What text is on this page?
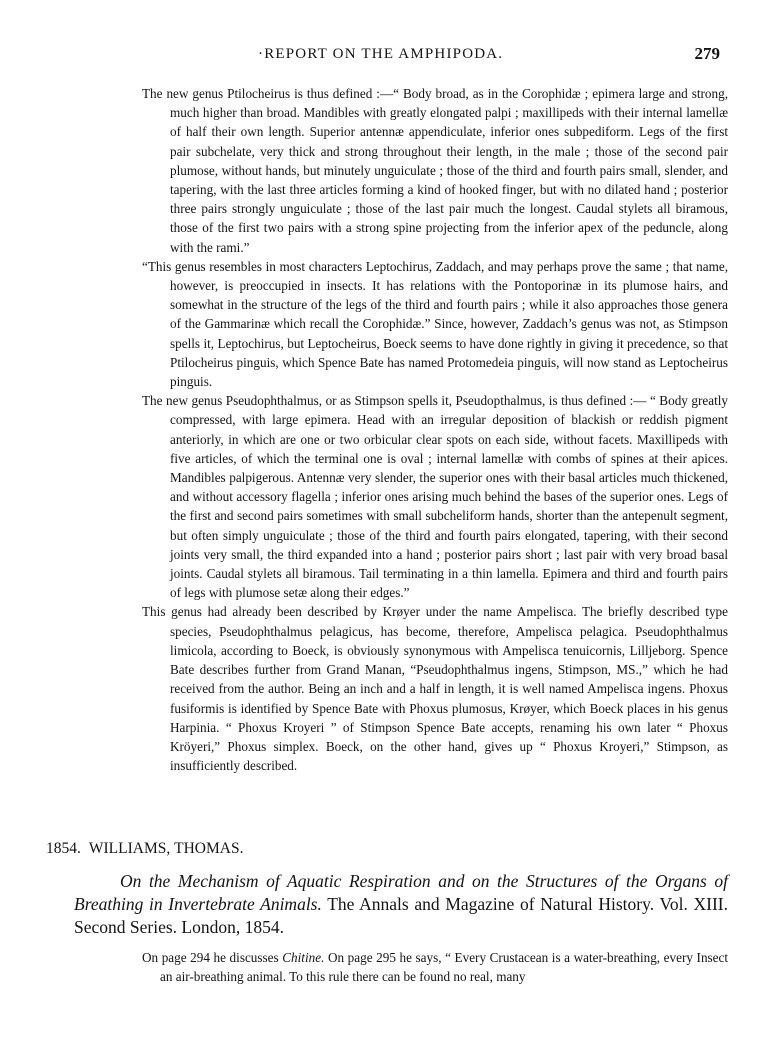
·REPORT ON THE AMPHIPODA.	279

The new genus Ptilocheirus is thus defined :—“ Body broad, as in the Corophidæ ; epimera large and strong, much higher than broad. Mandibles with greatly elongated palpi ; maxillipeds with their internal lamellæ of half their own length. Superior antennæ appendiculate, inferior ones subpediform. Legs of the first pair subchelate, very thick and strong throughout their length, in the male ; those of the second pair plumose, without hands, but minutely unguiculate ; those of the third and fourth pairs small, slender, and tapering, with the last three articles forming a kind of hooked finger, but with no dilated hand ; posterior three pairs strongly unguiculate ; those of the last pair much the longest. Caudal stylets all biramous, those of the first two pairs with a strong spine projecting from the inferior apex of the peduncle, along with the rami.”

“This genus resembles in most characters Leptochirus, Zaddach, and may perhaps prove the same ; that name, however, is preoccupied in insects. It has relations with the Pontoporinæ in its plumose hairs, and somewhat in the structure of the legs of the third and fourth pairs ; while it also approaches those genera of the Gammarinæ which recall the Corophidæ.” Since, however, Zaddach’s genus was not, as Stimpson spells it, Leptochirus, but Leptocheirus, Boeck seems to have done rightly in giving it precedence, so that Ptilocheirus pinguis, which Spence Bate has named Protomedeia pinguis, will now stand as Leptocheirus pinguis.

The new genus Pseudophthalmus, or as Stimpson spells it, Pseudopthalmus, is thus defined :— “ Body greatly compressed, with large epimera. Head with an irregular deposition of blackish or reddish pigment anteriorly, in which are one or two orbicular clear spots on each side, without facets. Maxillipeds with five articles, of which the terminal one is oval ; internal lamellæ with combs of spines at their apices. Mandibles palpigerous. Antennæ very slender, the superior ones with their basal articles much thickened, and without accessory flagella ; inferior ones arising much behind the bases of the superior ones. Legs of the first and second pairs sometimes with small subcheliform hands, shorter than the antepenult segment, but often simply unguiculate ; those of the third and fourth pairs elongated, tapering, with their second joints very small, the third expanded into a hand ; posterior pairs short ; last pair with very broad basal joints. Caudal stylets all biramous. Tail terminating in a thin lamella. Epimera and third and fourth pairs of legs with plumose setæ along their edges.”

This genus had already been described by Krøyer under the name Ampelisca. The briefly described type species, Pseudophthalmus pelagicus, has become, therefore, Ampelisca pelagica. Pseudophthalmus limicola, according to Boeck, is obviously synonymous with Ampelisca tenuicornis, Lilljeborg. Spence Bate describes further from Grand Manan, “Pseudophthalmus ingens, Stimpson, MS.,” which he had received from the author. Being an inch and a half in length, it is well named Ampelisca ingens. Phoxus fusiformis is identified by Spence Bate with Phoxus plumosus, Krøyer, which Boeck places in his genus Harpinia. “ Phoxus Kroyeri ” of Stimpson Spence Bate accepts, renaming his own later “ Phoxus Kröyeri,” Phoxus simplex. Boeck, on the other hand, gives up “ Phoxus Kroyeri,” Stimpson, as insufficiently described.

1854. WILLIAMS, THOMAS.

On the Mechanism of Aquatic Respiration and on the Structures of the Organs of Breathing in Invertebrate Animals. The Annals and Magazine of Natural History. Vol. XIII. Second Series. London, 1854.

On page 294 he discusses Chitine. On page 295 he says, “ Every Crustacean is a water-breathing, every Insect an air-breathing animal. To this rule there can be found no real, many
